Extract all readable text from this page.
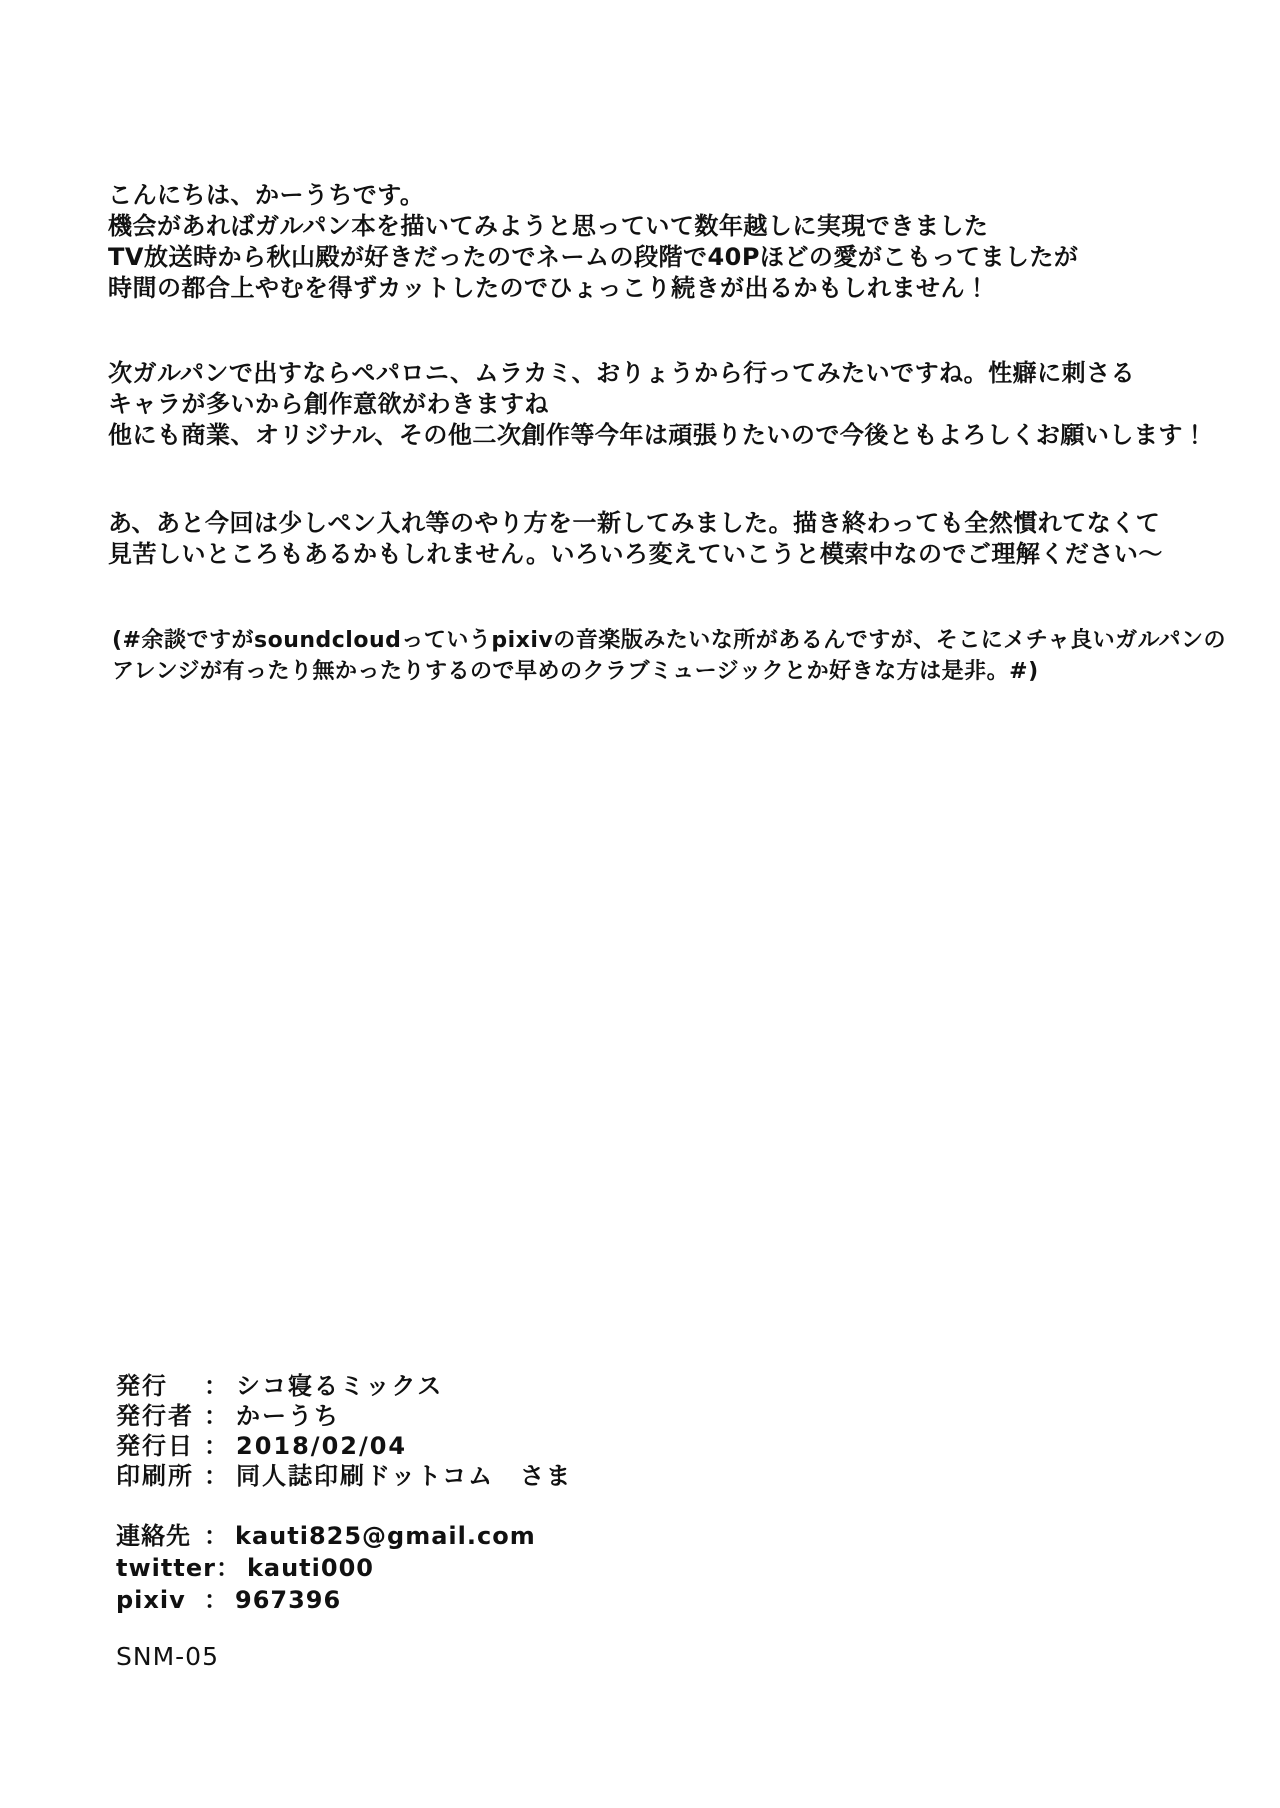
こんにちは、かーうちです。
機会があればガルパン本を描いてみようと思っていて数年越しに実現できました
TV放送時から秋山殿が好きだったのでネームの段階で40Pほどの愛がこもってましたが
時間の都合上やむを得ずカットしたのでひょっこり続きが出るかもしれません！
次ガルパンで出すならペパロニ、ムラカミ、おりょうから行ってみたいですね。性癖に刺さる
キャラが多いから創作意欲がわきますね
他にも商業、オリジナル、その他二次創作等今年は頑張りたいので今後ともよろしくお願いします！
あ、あと今回は少しペン入れ等のやり方を一新してみました。描き終わっても全然慣れてなくて
見苦しいところもあるかもしれません。いろいろ変えていこうと模索中なのでご理解ください〜
(#余談ですがsoundcloudっていうpixivの音楽版みたいな所があるんですが、そこにメチャ良いガルパンの
アレンジが有ったり無かったりするので早めのクラブミュージックとか好きな方は是非。#)
発行 ： シコ寝るミックス
発行者 ： かーうち
発行日 ： 2018/02/04
印刷所 ： 同人誌印刷ドットコム　さま
連絡先 ： kauti825@gmail.com
twitter： kauti000
pixiv ： 967396
SNM-05
